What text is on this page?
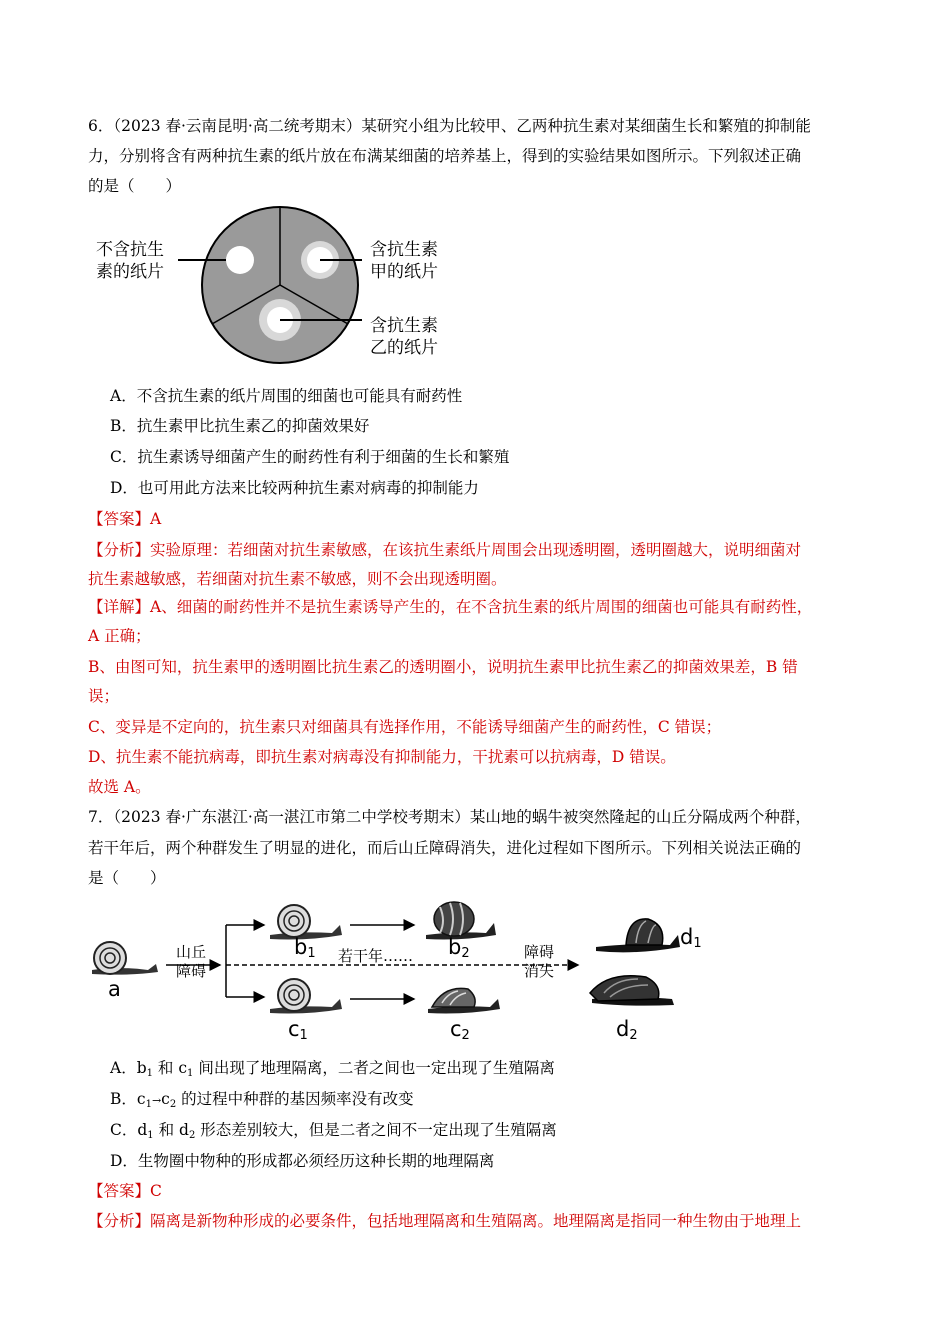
6．（2023 春·云南昆明·高二统考期末）某研究小组为比较甲、乙两种抗生素对某细菌生长和繁殖的抑制能
力，分别将含有两种抗生素的纸片放在布满某细菌的培养基上，得到的实验结果如图所示。下列叙述正确
的是（　　）
不含抗生
素的纸片
含抗生素
甲的纸片
含抗生素
乙的纸片
A．不含抗生素的纸片周围的细菌也可能具有耐药性
B．抗生素甲比抗生素乙的抑菌效果好
C．抗生素诱导细菌产生的耐药性有利于细菌的生长和繁殖
D．也可用此方法来比较两种抗生素对病毒的抑制能力
【答案】A
【分析】实验原理：若细菌对抗生素敏感，在该抗生素纸片周围会出现透明圈，透明圈越大，说明细菌对
抗生素越敏感，若细菌对抗生素不敏感，则不会出现透明圈。
【详解】A、细菌的耐药性并不是抗生素诱导产生的，在不含抗生素的纸片周围的细菌也可能具有耐药性，
A 正确；
B、由图可知，抗生素甲的透明圈比抗生素乙的透明圈小，说明抗生素甲比抗生素乙的抑菌效果差，B 错
误；
C、变异是不定向的，抗生素只对细菌具有选择作用，不能诱导细菌产生的耐药性，C 错误；
D、抗生素不能抗病毒，即抗生素对病毒没有抑制能力，干扰素可以抗病毒，D 错误。
故选 A。
7．（2023 春·广东湛江·高一湛江市第二中学校考期末）某山地的蜗牛被突然隆起的山丘分隔成两个种群，
若干年后，两个种群发生了明显的进化，而后山丘障碍消失，进化过程如下图所示。下列相关说法正确的
是（　　）
a
$b_1$	$b_2$
$c_1$	$c_2$
$d_1$
$d_2$
山丘
障碍
若干年……	障碍
消失
A．$b_1$ 和 $c_1$ 间出现了地理隔离，二者之间也一定出现了生殖隔离
B．$c_1\to c_2$ 的过程中种群的基因频率没有改变
C．$d_1$ 和 $d_2$ 形态差别较大，但是二者之间不一定出现了生殖隔离
D．生物圈中物种的形成都必须经历这种长期的地理隔离
【答案】C
【分析】隔离是新物种形成的必要条件，包括地理隔离和生殖隔离。地理隔离是指同一种生物由于地理上
